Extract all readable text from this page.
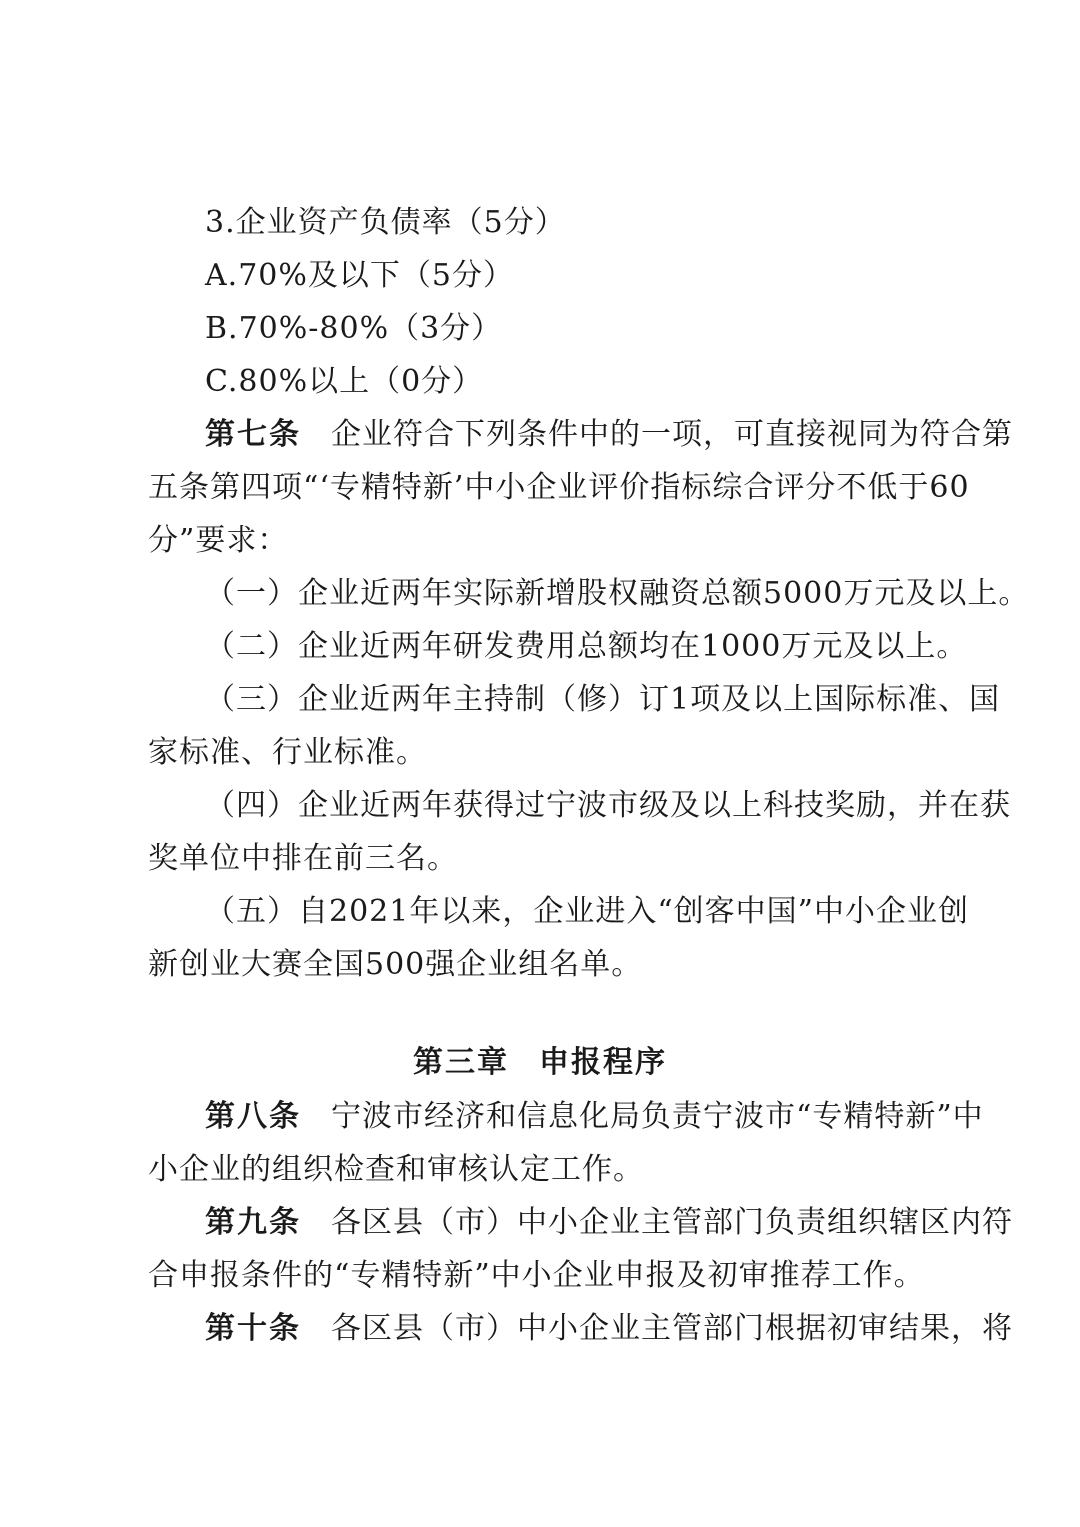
3.企业资产负债率（5分）
A.70%及以下（5分）
B.70%-80%（3分）
C.80%以上（0分）
第七条 企业符合下列条件中的一项，可直接视同为符合第
五条第四项“‘专精特新’中小企业评价指标综合评分不低于60
分”要求：
（一）企业近两年实际新增股权融资总额5000万元及以上。
（二）企业近两年研发费用总额均在1000万元及以上。
（三）企业近两年主持制（修）订1项及以上国际标准、国
家标准、行业标准。
（四）企业近两年获得过宁波市级及以上科技奖励，并在获
奖单位中排在前三名。
（五）自2021年以来，企业进入“创客中国”中小企业创
新创业大赛全国500强企业组名单。
第三章 申报程序
第八条 宁波市经济和信息化局负责宁波市“专精特新”中
小企业的组织检查和审核认定工作。
第九条 各区县（市）中小企业主管部门负责组织辖区内符
合申报条件的“专精特新”中小企业申报及初审推荐工作。
第十条 各区县（市）中小企业主管部门根据初审结果，将
